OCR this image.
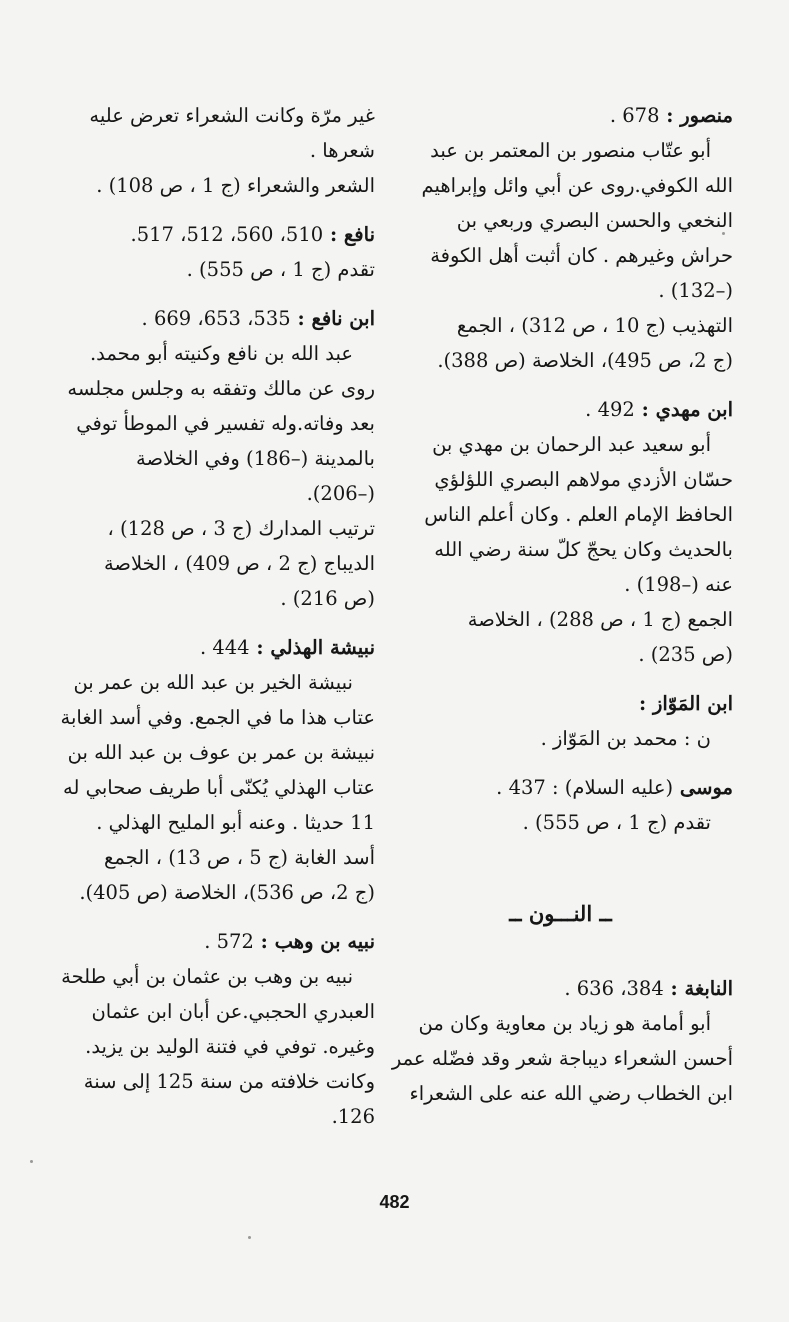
منصور : 678 .
أبو عتّاب منصور بن المعتمر بن عبد
الله الكوفي.روى عن أبي وائل وإبراهيم
النخعي والحسن البصري وربعي بن
حراش وغيرهم . كان أثبت أهل الكوفة
(–132) .
التهذيب (ج 10 ، ص 312) ، الجمع
(ج 2، ص 495)، الخلاصة (ص 388).
ابن مهدي : 492 .
أبو سعيد عبد الرحمان بن مهدي بن
حسّان الأزدي مولاهم البصري اللؤلؤي
الحافظ الإمام العلم . وكان أعلم الناس
بالحديث وكان يحجّ كلّ سنة رضي الله
عنه (–198) .
الجمع (ج 1 ، ص 288) ، الخلاصة
(ص 235) .
ابن المَوّاز :
ن : محمد بن المَوّاز .
موسى (عليه السلام) : 437 .
تقدم (ج 1 ، ص 555) .
ــ النـــون ــ
النابغة : 384، 636 .
أبو أمامة هو زياد بن معاوية وكان من
أحسن الشعراء ديباجة شعر وقد فضّله عمر
ابن الخطاب رضي الله عنه على الشعراء
غير مرّة وكانت الشعراء تعرض عليه
شعرها .
الشعر والشعراء (ج 1 ، ص 108) .
نافع : 510، 560، 512، 517.
تقدم (ج 1 ، ص 555) .
ابن نافع : 535، 653، 669 .
عبد الله بن نافع وكنيته أبو محمد.
روى عن مالك وتفقه به وجلس مجلسه
بعد وفاته.وله تفسير في الموطأ توفي
بالمدينة (–186) وفي الخلاصة
(–206).
ترتيب المدارك (ج 3 ، ص 128) ،
الديباج (ج 2 ، ص 409) ، الخلاصة
(ص 216) .
نبيشة الهذلي : 444 .
نبيشة الخير بن عبد الله بن عمر بن
عتاب هذا ما في الجمع. وفي أسد الغابة
نبيشة بن عمر بن عوف بن عبد الله بن
عتاب الهذلي يُكنّى أبا طريف صحابي له
11 حديثا . وعنه أبو المليح الهذلي .
أسد الغابة (ج 5 ، ص 13) ، الجمع
(ج 2، ص 536)، الخلاصة (ص 405).
نبيه بن وهب : 572 .
نبيه بن وهب بن عثمان بن أبي طلحة
العبدري الحجبي.عن أبان ابن عثمان
وغيره. توفي في فتنة الوليد بن يزيد.
وكانت خلافته من سنة 125 إلى سنة
126.
482
